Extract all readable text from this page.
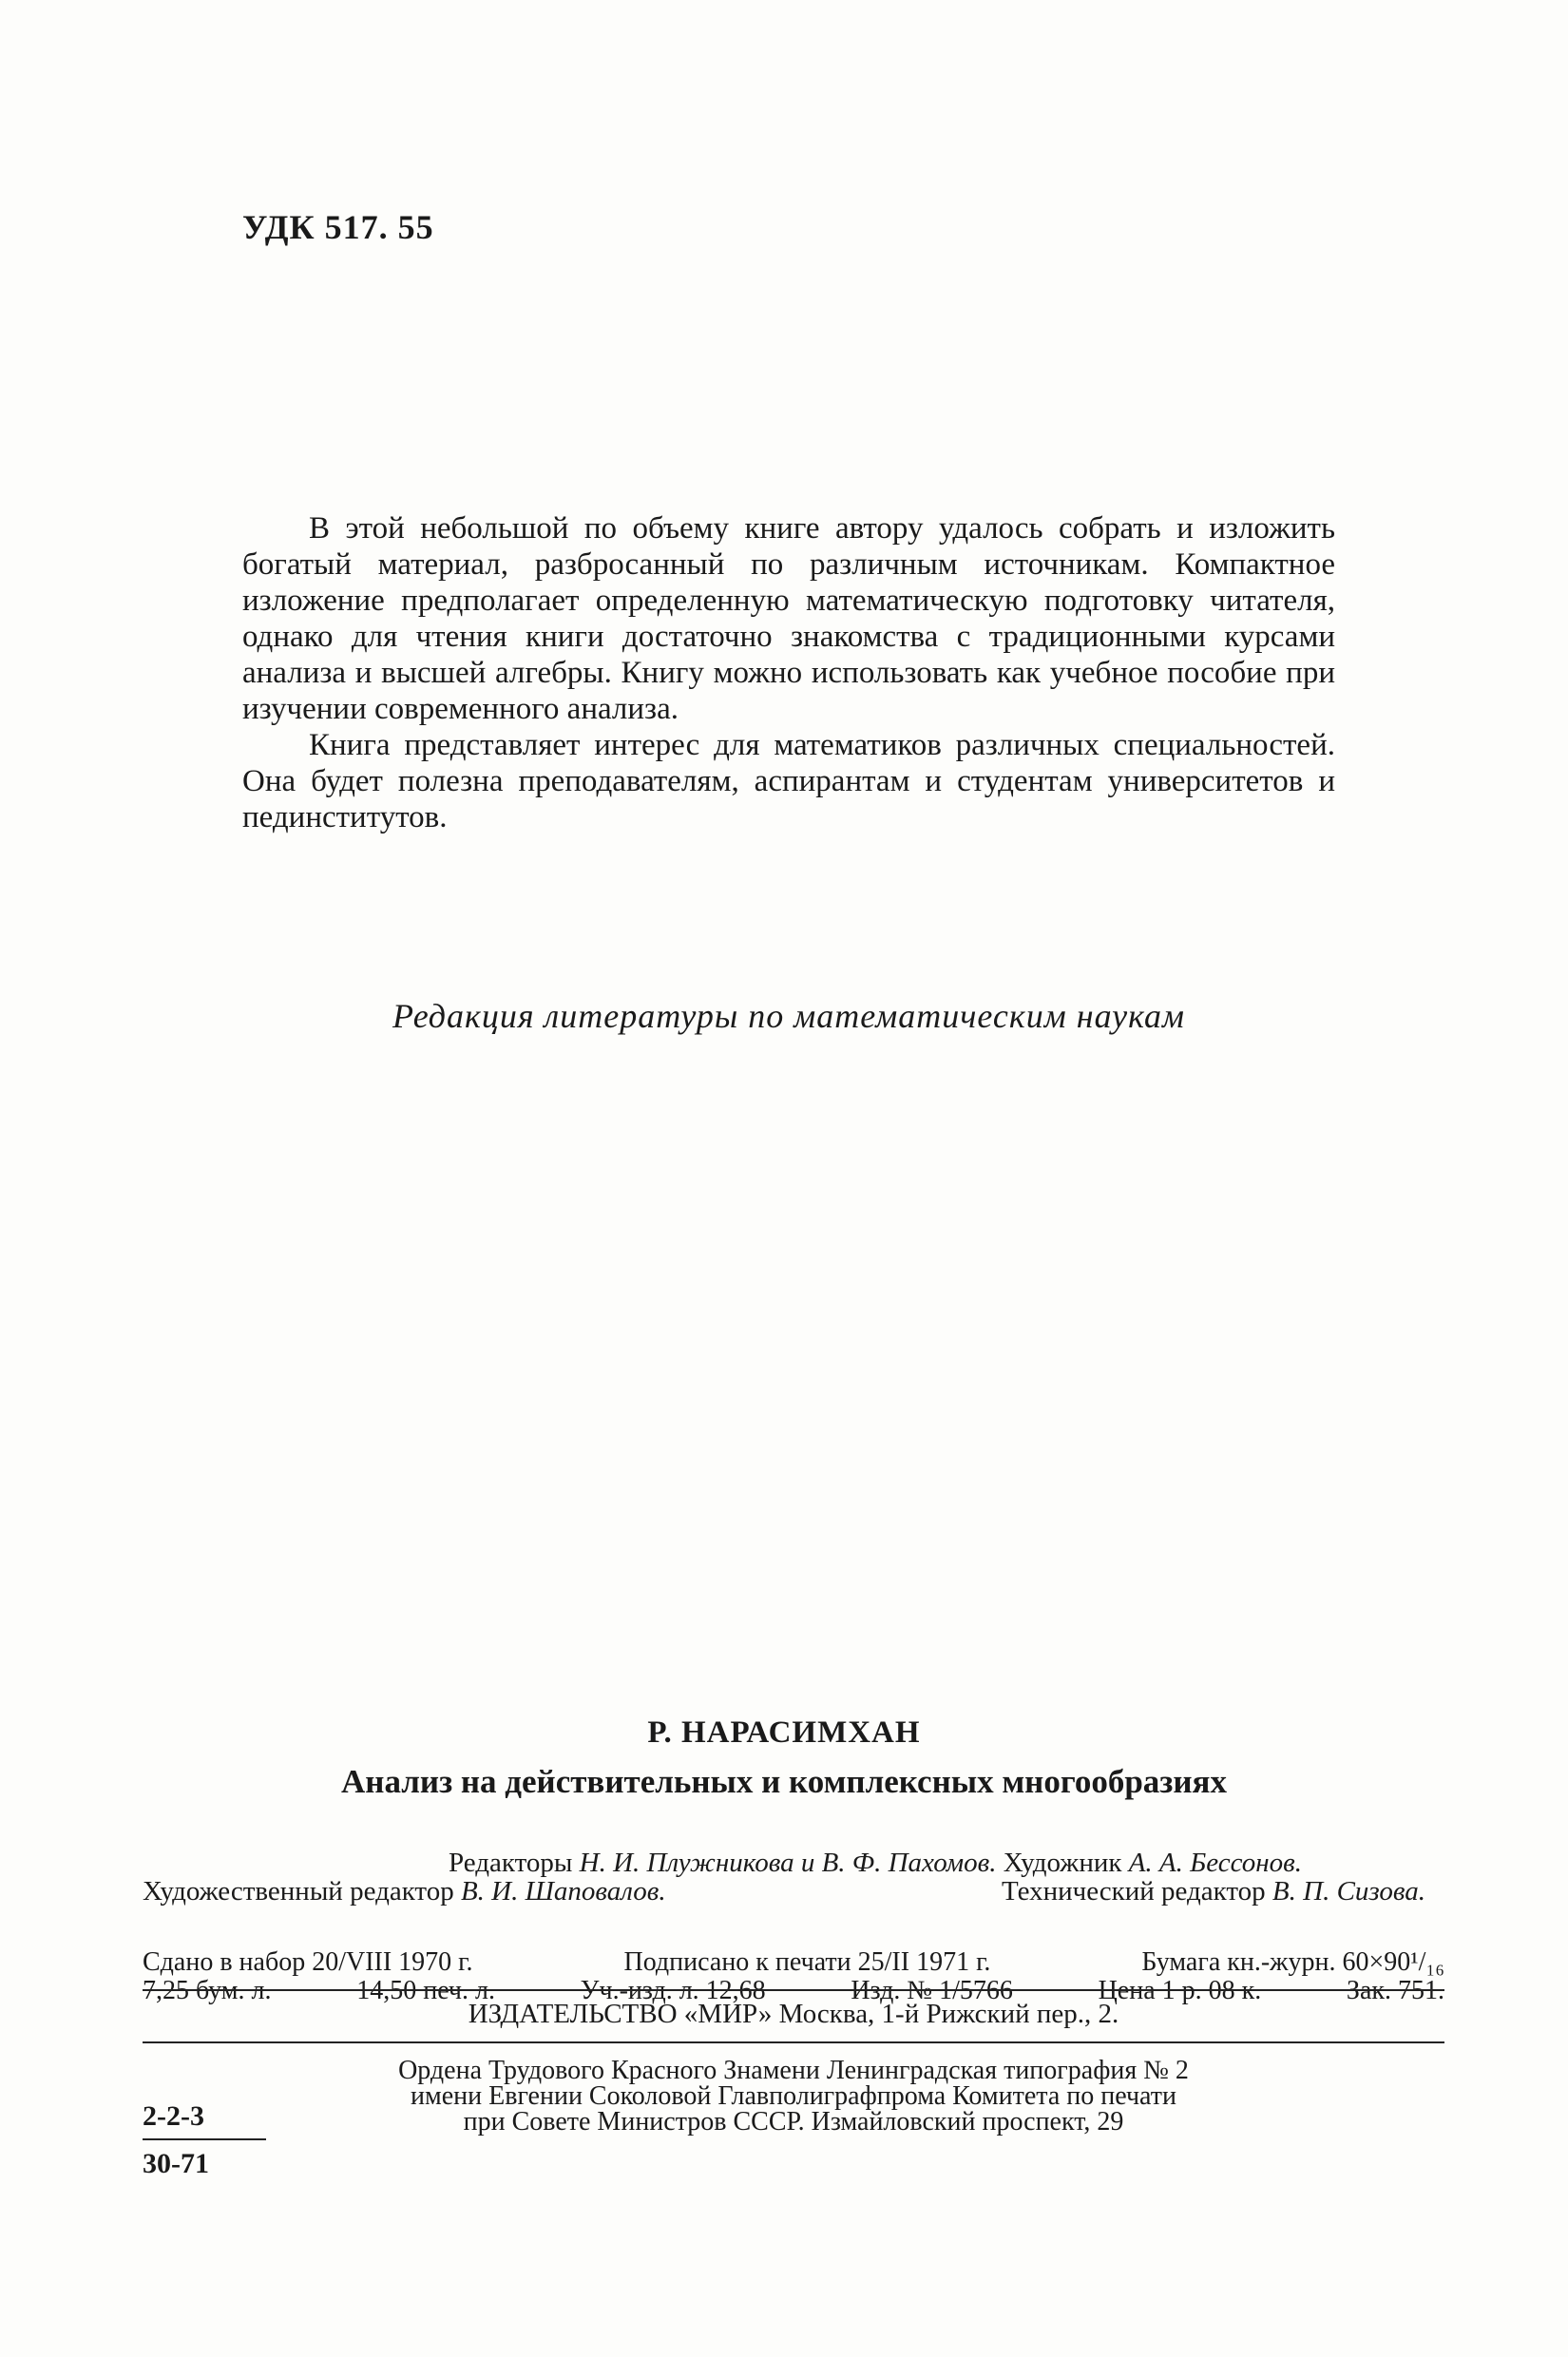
УДК 517. 55

В этой небольшой по объему книге автору удалось собрать и изложить богатый материал, разбросанный по различным источникам. Компактное изложение предполагает определенную математическую подготовку читателя, однако для чтения книги достаточно знакомства с традиционными курсами анализа и высшей алгебры. Книгу можно использовать как учебное пособие при изучении современного анализа.

Книга представляет интерес для математиков различных специальностей. Она будет полезна преподавателям, аспирантам и студентам университетов и пединститутов.

Редакция литературы по математическим наукам
Р. НАРАСИМХАН
Анализ на действительных и комплексных многообразиях
Редакторы Н. И. Плужникова и В. Ф. Пахомов. Художник А. А. Бессонов.
Художественный редактор В. И. Шаповалов.	Технический редактор В. П. Сизова.
Сдано в набор 20/VIII 1970 г.	Подписано к печати 25/II 1971 г.	Бумага кн.-журн. 60×90¹/₁₆
7,25 бум. л.	14,50 печ. л.	Уч.-изд. л. 12,68	Изд. № 1/5766	Цена 1 р. 08 к.	Зак. 751.
ИЗДАТЕЛЬСТВО «МИР» Москва, 1-й Рижский пер., 2.
Ордена Трудового Красного Знамени Ленинградская типография № 2
имени Евгении Соколовой Главполиграфпрома Комитета по печати
при Совете Министров СССР. Измайловский проспект, 29
2-2-3
30-71
